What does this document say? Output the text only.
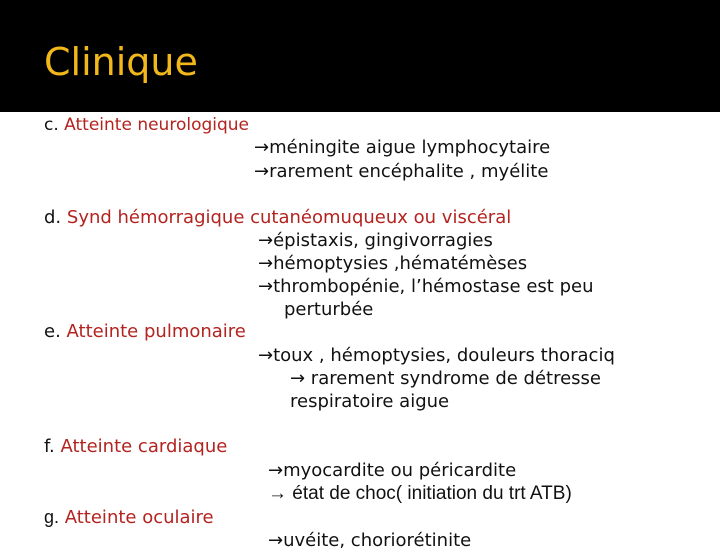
Clinique
c. Atteinte neurologique
→méningite aigue lymphocytaire
→rarement encéphalite , myélite
d. Synd hémorragique cutanéomuqueux ou viscéral
→épistaxis, gingivorragies
→hémoptysies ,hématémèses
→thrombopénie, l’hémostase est peu
perturbée
e. Atteinte pulmonaire
→toux , hémoptysies, douleurs thoraciq
→ rarement syndrome de détresse
respiratoire aigue
f. Atteinte cardiaque
→myocardite ou péricardite
→ état de choc( initiation du trt ATB)
g. Atteinte oculaire
→uvéite, choriorétinite
